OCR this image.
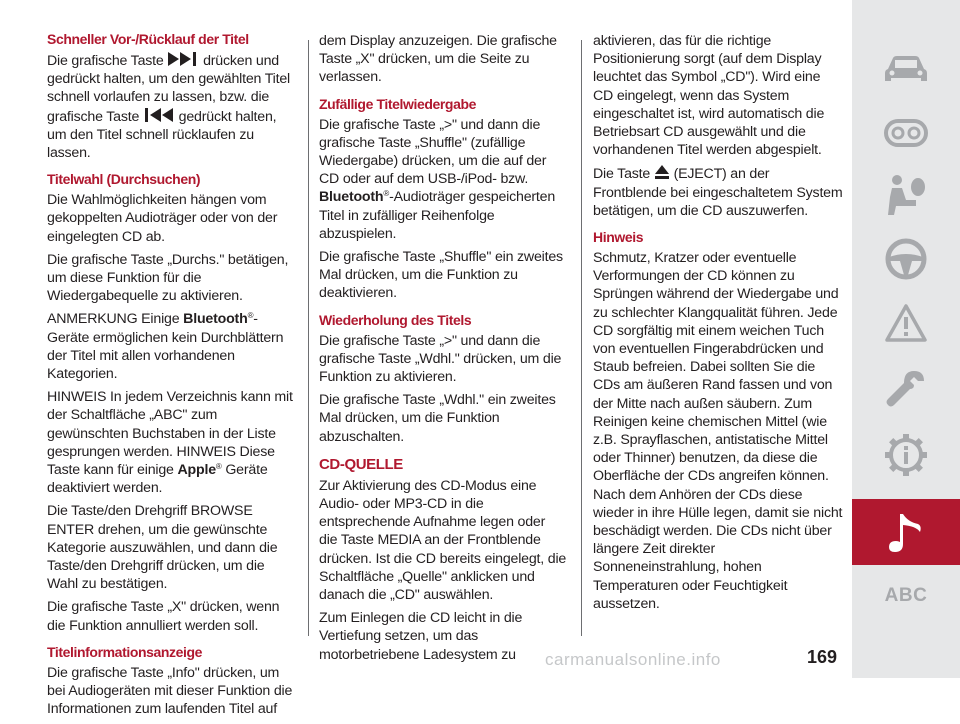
Schneller Vor-/Rücklauf der Titel

Die grafische Taste	drücken und gedrückt halten, um den gewählten Titel schnell vorlaufen zu lassen, bzw. die grafische Taste	gedrückt halten, um den Titel schnell rücklaufen zu lassen.

Titelwahl (Durchsuchen)

Die Wahlmöglichkeiten hängen vom gekoppelten Audioträger oder von der eingelegten CD ab.

Die grafische Taste „Durchs." betätigen, um diese Funktion für die Wiedergabequelle zu aktivieren.

ANMERKUNG Einige Bluetooth®-Geräte ermöglichen kein Durchblättern der Titel mit allen vorhandenen Kategorien.

HINWEIS In jedem Verzeichnis kann mit der Schaltfläche „ABC" zum gewünschten Buchstaben in der Liste gesprungen werden. HINWEIS Diese Taste kann für einige Apple® Geräte deaktiviert werden.

Die Taste/den Drehgriff BROWSE ENTER drehen, um die gewünschte Kategorie auszuwählen, und dann die Taste/den Drehgriff drücken, um die Wahl zu bestätigen.

Die grafische Taste „X" drücken, wenn die Funktion annulliert werden soll.

Titelinformationsanzeige

Die grafische Taste „Info" drücken, um bei Audiogeräten mit dieser Funktion die Informationen zum laufenden Titel auf

dem Display anzuzeigen. Die grafische Taste „X" drücken, um die Seite zu verlassen.

Zufällige Titelwiedergabe

Die grafische Taste „>" und dann die grafische Taste „Shuffle" (zufällige Wiedergabe) drücken, um die auf der CD oder auf dem USB-/iPod- bzw.

Bluetooth®-Audioträger gespeicherten Titel in zufälliger Reihenfolge abzuspielen.

Die grafische Taste „Shuffle" ein zweites Mal drücken, um die Funktion zu deaktivieren.

Wiederholung des Titels

Die grafische Taste „>" und dann die grafische Taste „Wdhl." drücken, um die Funktion zu aktivieren.

Die grafische Taste „Wdhl." ein zweites Mal drücken, um die Funktion abzuschalten.

CD-QUELLE

Zur Aktivierung des CD-Modus eine Audio- oder MP3-CD in die entsprechende Aufnahme legen oder die Taste MEDIA an der Frontblende drücken. Ist die CD bereits eingelegt, die Schaltfläche „Quelle" anklicken und danach die „CD" auswählen.

Zum Einlegen die CD leicht in die Vertiefung setzen, um das motorbetriebene Ladesystem zu

aktivieren, das für die richtige Positionierung sorgt (auf dem Display leuchtet das Symbol „CD"). Wird eine CD eingelegt, wenn das System eingeschaltet ist, wird automatisch die Betriebsart CD ausgewählt und die vorhandenen Titel werden abgespielt.

Die Taste  (EJECT) an der Frontblende bei eingeschaltetem System betätigen, um die CD auszuwerfen.

Hinweis

Schmutz, Kratzer oder eventuelle Verformungen der CD können zu Sprüngen während der Wiedergabe und zu schlechter Klangqualität führen. Jede CD sorgfältig mit einem weichen Tuch von eventuellen Fingerabdrücken und Staub befreien. Dabei sollten Sie die CDs am äußeren Rand fassen und von der Mitte nach außen säubern. Zum Reinigen keine chemischen Mittel (wie z.B. Sprayflaschen, antistatische Mittel oder Thinner) benutzen, da diese die Oberfläche der CDs angreifen können. Nach dem Anhören der CDs diese wieder in ihre Hülle legen, damit sie nicht beschädigt werden. Die CDs nicht über längere Zeit direkter Sonneneinstrahlung, hohen Temperaturen oder Feuchtigkeit aussetzen.	ABC
carmanualsonline.info	169
